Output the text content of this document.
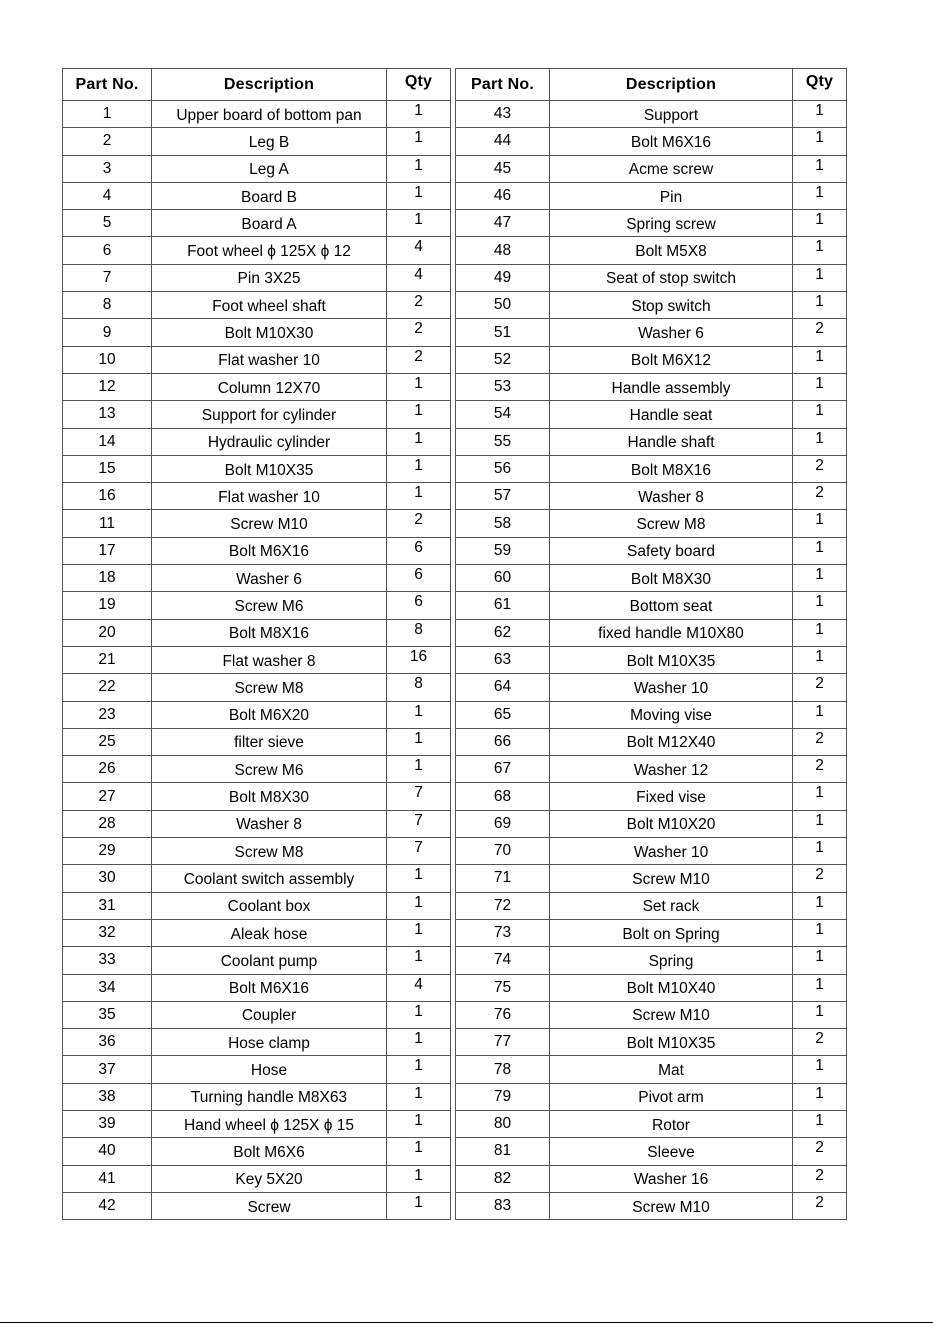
Part No.	Description	Qty
1	Upper board of bottom pan	1
2	Leg B	1
3	Leg A	1
4	Board B	1
5	Board A	1
6	Foot wheel ϕ 125X ϕ 12	4
7	Pin 3X25	4
8	Foot wheel shaft	2
9	Bolt M10X30	2
10	Flat washer 10	2
12	Column 12X70	1
13	Support for cylinder	1
14	Hydraulic cylinder	1
15	Bolt M10X35	1
16	Flat washer 10	1
11	Screw M10	2
17	Bolt M6X16	6
18	Washer 6	6
19	Screw M6	6
20	Bolt M8X16	8
21	Flat washer 8	16
22	Screw M8	8
23	Bolt M6X20	1
25	filter sieve	1
26	Screw M6	1
27	Bolt M8X30	7
28	Washer 8	7
29	Screw M8	7
30	Coolant switch assembly	1
31	Coolant box	1
32	Aleak hose	1
33	Coolant pump	1
34	Bolt M6X16	4
35	Coupler	1
36	Hose clamp	1
37	Hose	1
38	Turning handle M8X63	1
39	Hand wheel ϕ 125X ϕ 15	1
40	Bolt M6X6	1
41	Key 5X20	1
42	Screw	1
Part No.	Description	Qty
43	Support	1
44	Bolt M6X16	1
45	Acme screw	1
46	Pin	1
47	Spring screw	1
48	Bolt M5X8	1
49	Seat of stop switch	1
50	Stop switch	1
51	Washer 6	2
52	Bolt M6X12	1
53	Handle assembly	1
54	Handle seat	1
55	Handle shaft	1
56	Bolt M8X16	2
57	Washer 8	2
58	Screw M8	1
59	Safety board	1
60	Bolt M8X30	1
61	Bottom seat	1
62	fixed handle M10X80	1
63	Bolt M10X35	1
64	Washer 10	2
65	Moving vise	1
66	Bolt M12X40	2
67	Washer 12	2
68	Fixed vise	1
69	Bolt M10X20	1
70	Washer 10	1
71	Screw M10	2
72	Set rack	1
73	Bolt on Spring	1
74	Spring	1
75	Bolt M10X40	1
76	Screw M10	1
77	Bolt M10X35	2
78	Mat	1
79	Pivot arm	1
80	Rotor	1
81	Sleeve	2
82	Washer 16	2
83	Screw M10	2
